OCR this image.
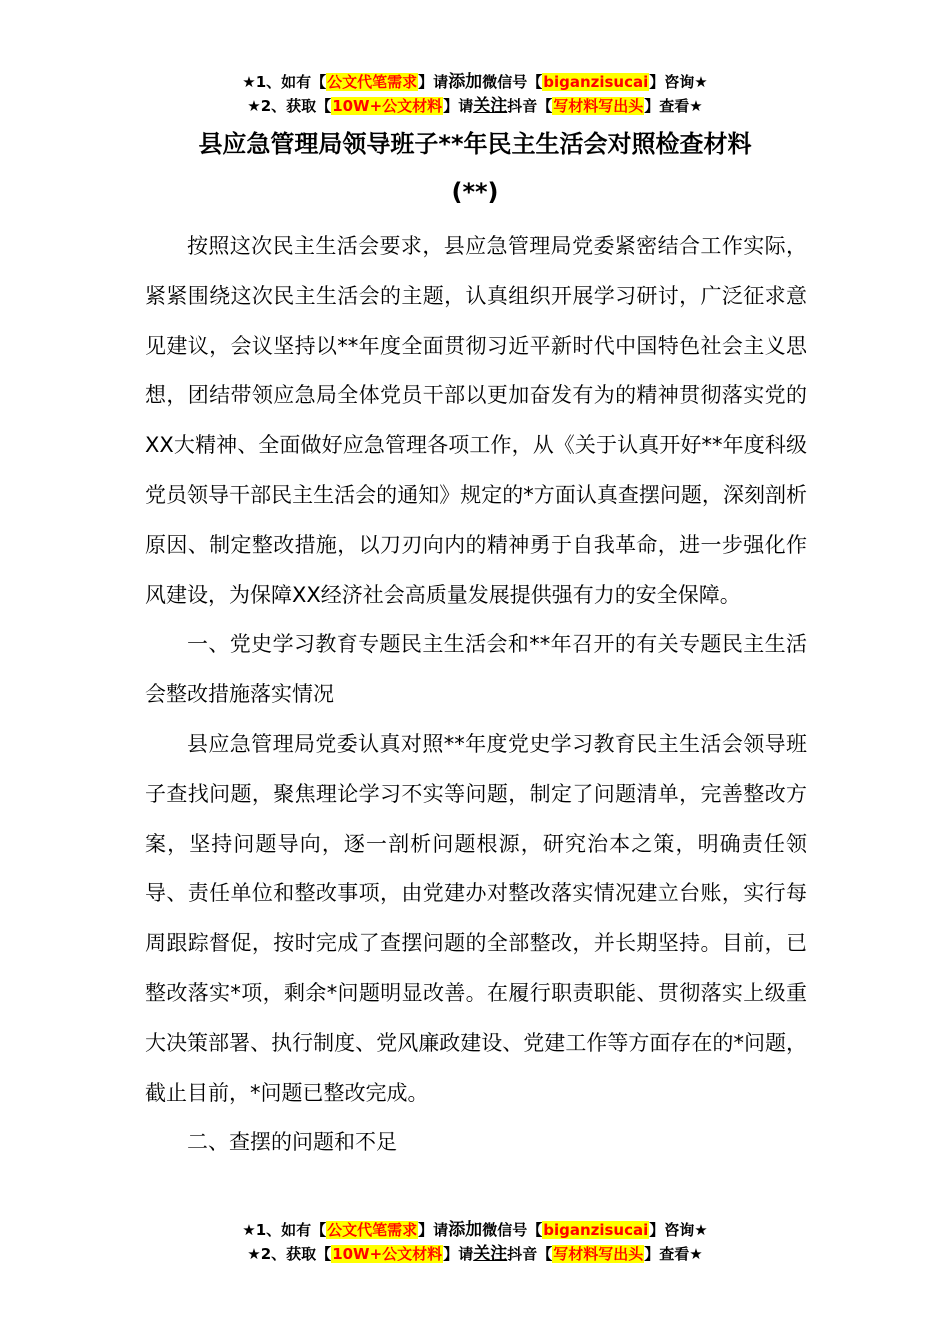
★1、如有【公文代笔需求】请添加微信号【biganzisucai】咨询★
★2、获取【10W+公文材料】请关注抖音【写材料写出头】查看★
县应急管理局领导班子**年民主生活会对照检查材料
(**)

按照这次民主生活会要求，县应急管理局党委紧密结合工作实际，紧紧围绕这次民主生活会的主题，认真组织开展学习研讨，广泛征求意见建议，会议坚持以**年度全面贯彻习近平新时代中国特色社会主义思想，团结带领应急局全体党员干部以更加奋发有为的精神贯彻落实党的XX大精神、全面做好应急管理各项工作，从《关于认真开好**年度科级党员领导干部民主生活会的通知》规定的*方面认真查摆问题，深刻剖析原因、制定整改措施，以刀刃向内的精神勇于自我革命，进一步强化作风建设，为保障XX经济社会高质量发展提供强有力的安全保障。

一、党史学习教育专题民主生活会和**年召开的有关专题民主生活会整改措施落实情况

县应急管理局党委认真对照**年度党史学习教育民主生活会领导班子查找问题，聚焦理论学习不实等问题，制定了问题清单，完善整改方案，坚持问题导向，逐一剖析问题根源，研究治本之策，明确责任领导、责任单位和整改事项，由党建办对整改落实情况建立台账，实行每周跟踪督促，按时完成了查摆问题的全部整改，并长期坚持。目前，已整改落实*项，剩余*问题明显改善。在履行职责职能、贯彻落实上级重大决策部署、执行制度、党风廉政建设、党建工作等方面存在的*问题，截止目前，*问题已整改完成。

二、查摆的问题和不足

★1、如有【公文代笔需求】请添加微信号【biganzisucai】咨询★
★2、获取【10W+公文材料】请关注抖音【写材料写出头】查看★
